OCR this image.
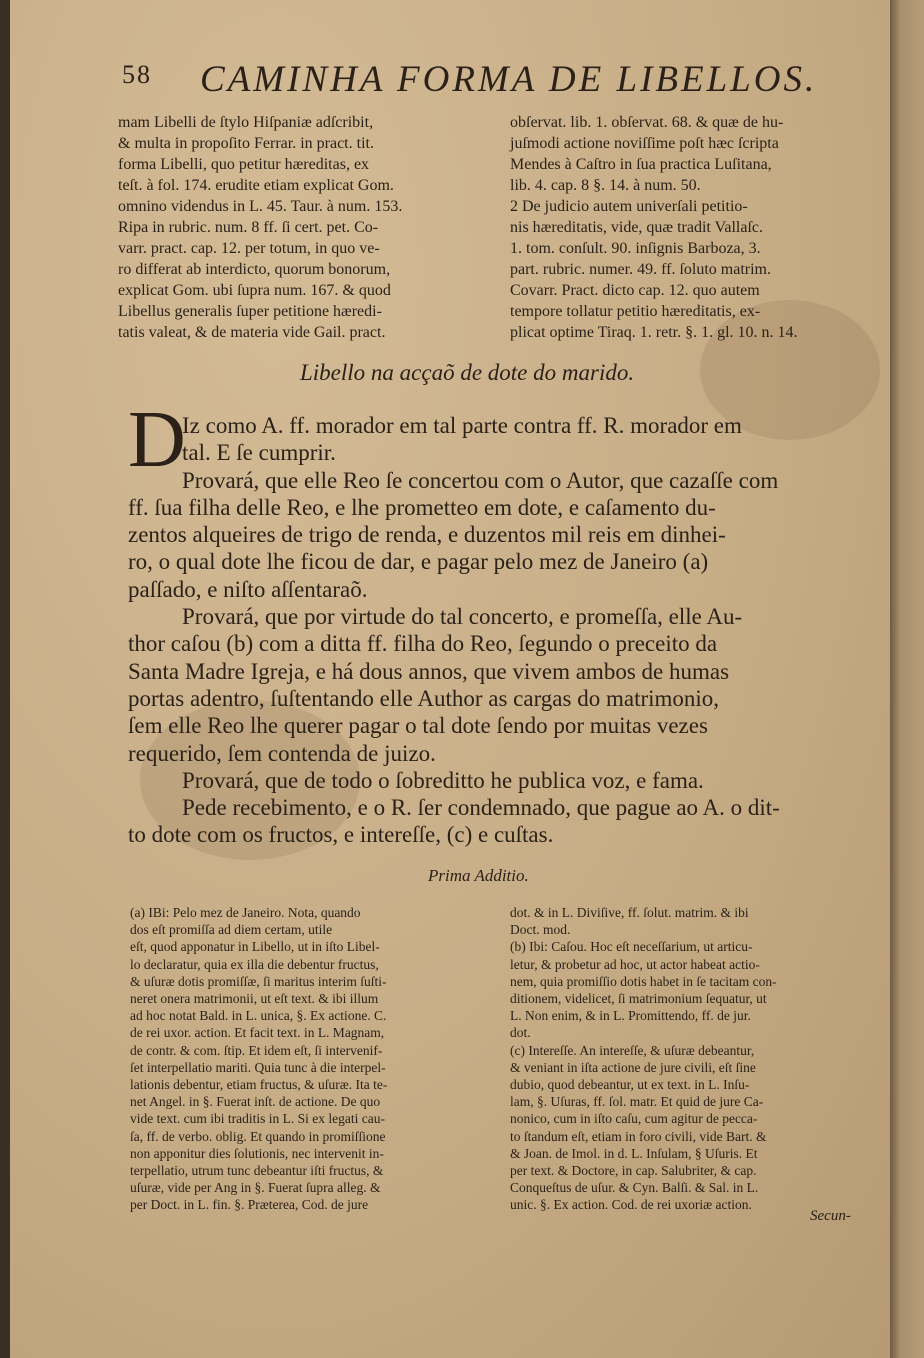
58 CAMINHA FORMA DE LIBELLOS.
mam Libelli de ſtylo Hiſpaniæ adſcribit,
& multa in propoſito Ferrar. in pract. tit.
forma Libelli, quo petitur hæreditas, ex
teſt. à fol. 174. erudite etiam explicat Gom.
omnino videndus in L. 45. Taur. à num. 153.
Ripa in rubric. num. 8 ff. ſi cert. pet. Co-
varr. pract. cap. 12. per totum, in quo ve-
ro differat ab interdicto, quorum bonorum,
explicat Gom. ubi ſupra num. 167. & quod
Libellus generalis ſuper petitione hæredi-
tatis valeat, & de materia vide Gail. pract.
obſervat. lib. 1. obſervat. 68. & quæ de hu-
juſmodi actione noviſſime poſt hæc ſcripta
Mendes à Caſtro in ſua practica Luſitana,
lib. 4. cap. 8 §. 14. à num. 50.
2 De judicio autem univerſali petitio-
nis hæreditatis, vide, quæ tradit Vallaſc.
1. tom. conſult. 90. inſignis Barboza, 3.
part. rubric. numer. 49. ff. ſoluto matrim.
Covarr. Pract. dicto cap. 12. quo autem
tempore tollatur petitio hæreditatis, ex-
plicat optime Tiraq. 1. retr. §. 1. gl. 10. n. 14.
Libello na acçaõ de dote do marido.
D
Iz como A. ff. morador em tal parte contra ff. R. morador em
tal. E ſe cumprir.
Provará, que elle Reo ſe concertou com o Autor, que cazaſſe com
ff. ſua filha delle Reo, e lhe prometteo em dote, e caſamento du-
zentos alqueires de trigo de renda, e duzentos mil reis em dinhei-
ro, o qual dote lhe ficou de dar, e pagar pelo mez de Janeiro (a)
paſſado, e niſto aſſentaraõ.
Provará, que por virtude do tal concerto, e promeſſa, elle Au-
thor caſou (b) com a ditta ff. filha do Reo, ſegundo o preceito da
Santa Madre Igreja, e há dous annos, que vivem ambos de humas
portas adentro, ſuſtentando elle Author as cargas do matrimonio,
ſem elle Reo lhe querer pagar o tal dote ſendo por muitas vezes
requerido, ſem contenda de juizo.
Provará, que de todo o ſobreditto he publica voz, e fama.
Pede recebimento, e o R. ſer condemnado, que pague ao A. o dit-
to dote com os fructos, e intereſſe, (c) e cuſtas.
Prima Additio.
(a) IBi: Pelo mez de Janeiro. Nota, quando
dos eſt promiſſa ad diem certam, utile
eſt, quod apponatur in Libello, ut in iſto Libel-
lo declaratur, quia ex illa die debentur fructus,
& uſuræ dotis promiſſæ, ſi maritus interim ſuſti-
neret onera matrimonii, ut eſt text. & ibi illum
ad hoc notat Bald. in L. unica, §. Ex actione. C.
de rei uxor. action. Et facit text. in L. Magnam,
de contr. & com. ſtip. Et idem eſt, ſi intervenif-
ſet interpellatio mariti. Quia tunc à die interpel-
lationis debentur, etiam fructus, & uſuræ. Ita te-
net Angel. in §. Fuerat inſt. de actione. De quo
vide text. cum ibi traditis in L. Si ex legati cau-
ſa, ff. de verbo. oblig. Et quando in promiſſione
non apponitur dies ſolutionis, nec intervenit in-
terpellatio, utrum tunc debeantur iſti fructus, &
uſuræ, vide per Ang in §. Fuerat ſupra alleg. &
per Doct. in L. fin. §. Præterea, Cod. de jure
dot. & in L. Diviſive, ff. ſolut. matrim. & ibi
Doct. mod.
(b) Ibi: Caſou. Hoc eſt neceſſarium, ut articu-
letur, & probetur ad hoc, ut actor habeat actio-
nem, quia promiſſio dotis habet in ſe tacitam con-
ditionem, videlicet, ſi matrimonium ſequatur, ut
L. Non enim, & in L. Promittendo, ff. de jur.
dot.
(c) Intereſſe. An intereſſe, & uſuræ debeantur,
& veniant in iſta actione de jure civili, eſt ſine
dubio, quod debeantur, ut ex text. in L. Inſu-
lam, §. Uſuras, ff. ſol. matr. Et quid de jure Ca-
nonico, cum in iſto caſu, cum agitur de pecca-
to ſtandum eſt, etiam in foro civili, vide Bart. &
& Joan. de Imol. in d. L. Inſulam, § Uſuris. Et
per text. & Doctore, in cap. Salubriter, & cap.
Conqueſtus de uſur. & Cyn. Balſi. & Sal. in L.
unic. §. Ex action. Cod. de rei uxoriæ action.
Secun-
